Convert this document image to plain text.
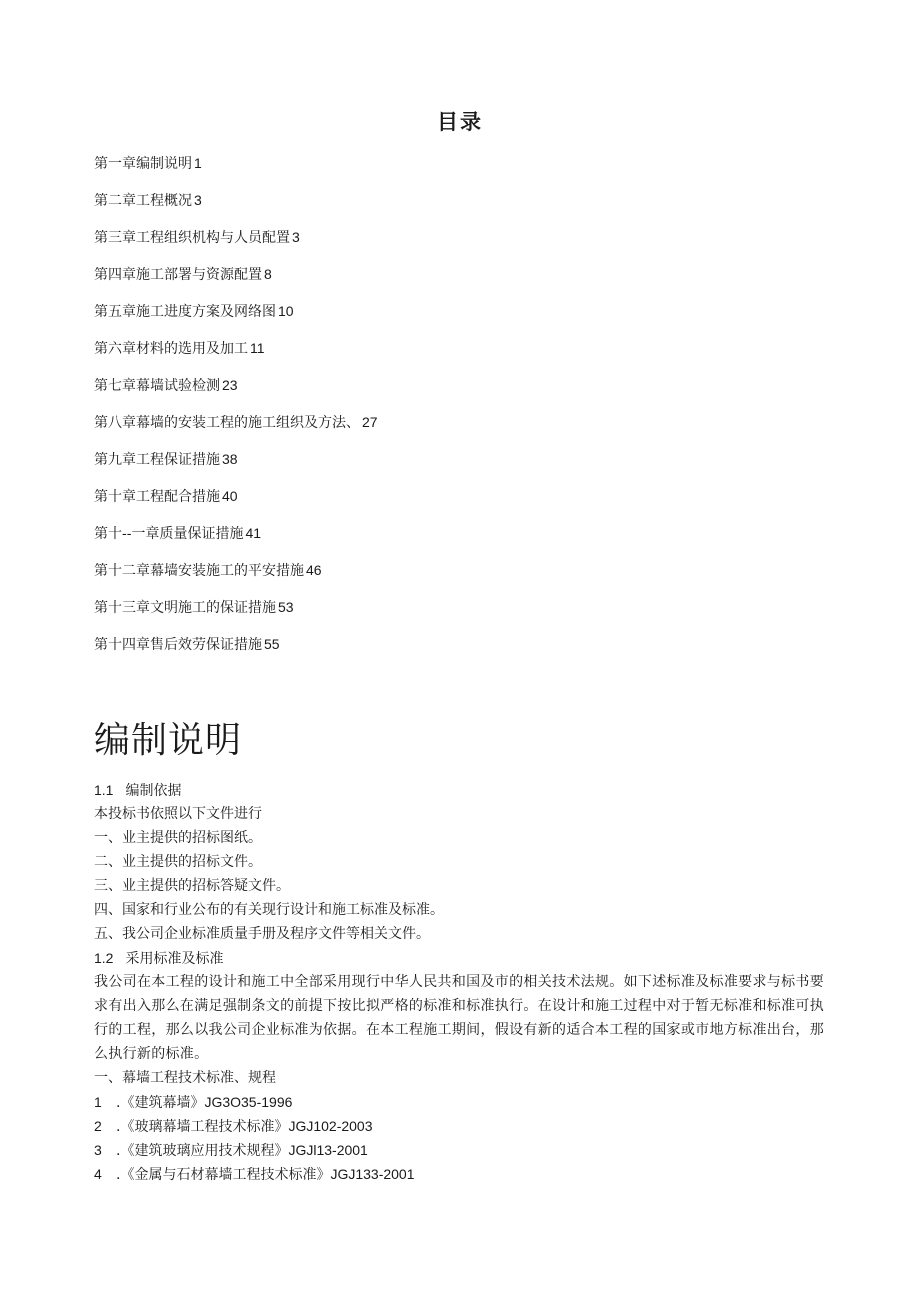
目录
第一章编制说明 1
第二章工程概况 3
第三章工程组织机构与人员配置 3
第四章施工部署与资源配置 8
第五章施工进度方案及网络图 10
第六章材料的选用及加工 11
第七章幕墙试验检测 23
第八章幕墙的安装工程的施工组织及方法、 27
第九章工程保证措施 38
第十章工程配合措施 40
第十--一章质量保证措施 41
第十二章幕墙安装施工的平安措施 46
第十三章文明施工的保证措施 53
第十四章售后效劳保证措施 55
编制说明
1.1 编制依据
本投标书依照以下文件进行
一、业主提供的招标图纸。
二、业主提供的招标文件。
三、业主提供的招标答疑文件。
四、国家和行业公布的有关现行设计和施工标准及标准。
五、我公司企业标准质量手册及程序文件等相关文件。
1.2 采用标准及标准
我公司在本工程的设计和施工中全部采用现行中华人民共和国及市的相关技术法规。如下述标准及标准要求与标书要求有出入那么在满足强制条文的前提下按比拟严格的标准和标准执行。在设计和施工过程中对于暂无标准和标准可执行的工程，那么以我公司企业标准为依据。在本工程施工期间，假设有新的适合本工程的国家或市地方标准出台，那么执行新的标准。
一、幕墙工程技术标准、规程
1 .《建筑幕墙》JG3O35-1996
2 .《玻璃幕墙工程技术标准》JGJ102-2003
3 .《建筑玻璃应用技术规程》JGJl13-2001
4 .《金属与石材幕墙工程技术标准》JGJ133-2001
